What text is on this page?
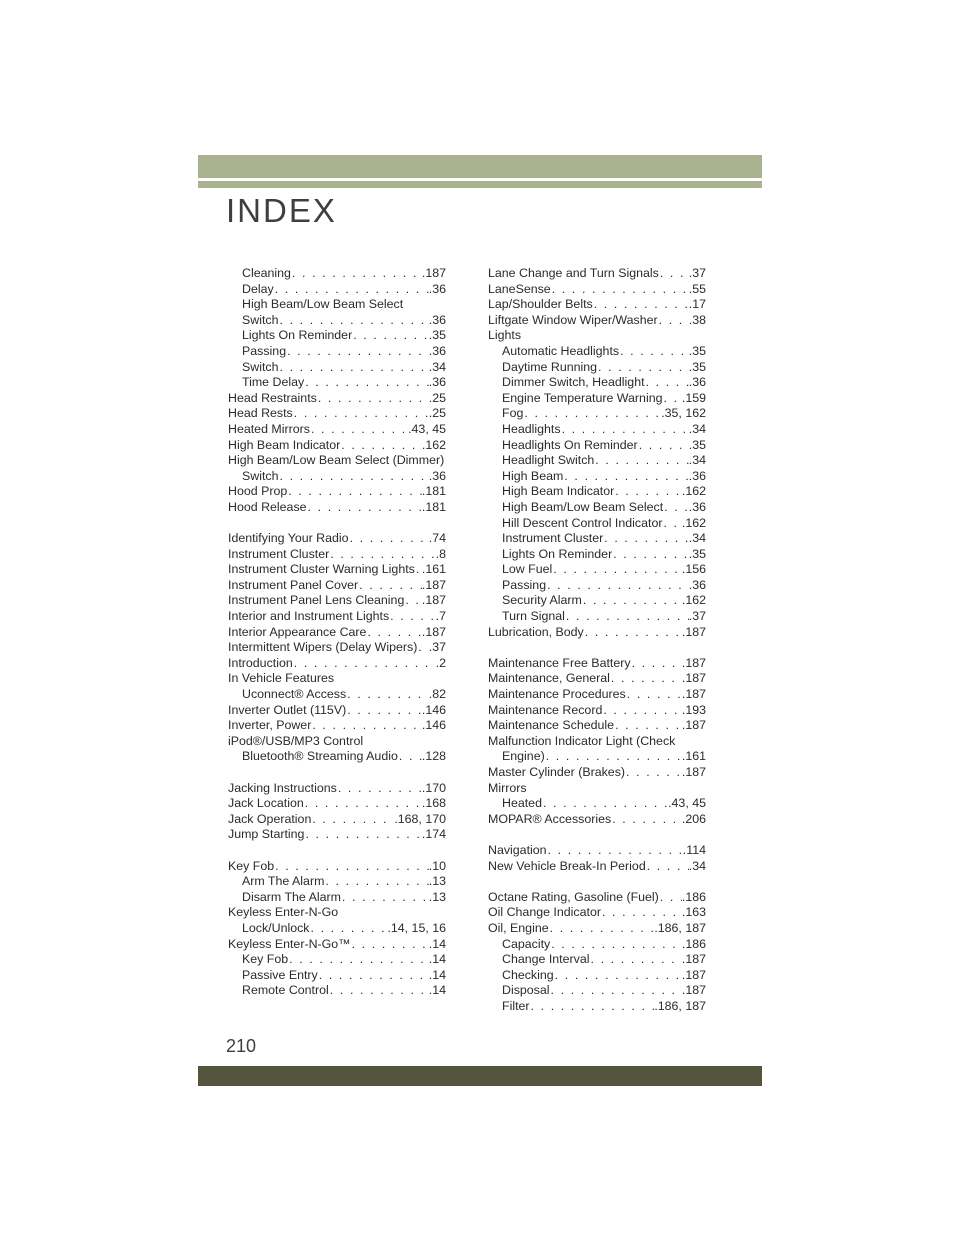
INDEX
Cleaning . . .	.187
Delay . . .	.36
High Beam/Low Beam Select
Switch . . .	.36
Lights On Reminder . . .	.35
Passing . . .	.36
Switch . . .	.34
Time Delay . . .	.36
Head Restraints . . .	.25
Head Rests . . .	.25
Heated Mirrors . . .	.43, 45
High Beam Indicator . . .	.162
High Beam/Low Beam Select (Dimmer)
Switch . . .	.36
Hood Prop . . .	.181
Hood Release . . .	.181
Identifying Your Radio . . .	.74
Instrument Cluster . . .	.8
Instrument Cluster Warning Lights . . . .161
Instrument Panel Cover . . .	.187
Instrument Panel Lens Cleaning . . . .187
Interior and Instrument Lights . . .	.7
Interior Appearance Care . . .	.187
Intermittent Wipers (Delay Wipers) . . . .37
Introduction . . .	.2
In Vehicle Features
Uconnect® Access . . .	.82
Inverter Outlet (115V) . . .	.146
Inverter, Power . . .	.146
iPod®/USB/MP3 Control
Bluetooth® Streaming Audio . . . .128
Jacking Instructions . . .	.170
Jack Location . . .	.168
Jack Operation . . .	.168, 170
Jump Starting . . .	.174
Key Fob . . .	.10
Arm The Alarm . . .	.13
Disarm The Alarm . . .	.13
Keyless Enter-N-Go
Lock/Unlock . . .	.14, 15, 16
Keyless Enter-N-Go™ . . .	.14
Key Fob . . .	.14
Passive Entry . . .	.14
Remote Control . . .	.14
Lane Change and Turn Signals . . . .37
LaneSense . . .	.55
Lap/Shoulder Belts . . .	.17
Liftgate Window Wiper/Washer . . .	.38
Lights
Automatic Headlights . . .	.35
Daytime Running . . .	.35
Dimmer Switch, Headlight . . .	.36
Engine Temperature Warning . . . .159
Fog . . .	.35, 162
Headlights . . .	.34
Headlights On Reminder . . .	.35
Headlight Switch . . .	.34
High Beam . . .	.36
High Beam Indicator . . .	.162
High Beam/Low Beam Select . . . .36
Hill Descent Control Indicator . . . .162
Instrument Cluster . . .	.34
Lights On Reminder . . .	.35
Low Fuel . . .	.156
Passing . . .	.36
Security Alarm . . .	.162
Turn Signal . . .	.37
Lubrication, Body . . .	.187
Maintenance Free Battery . . .	.187
Maintenance, General . . .	.187
Maintenance Procedures . . .	.187
Maintenance Record . . .	.193
Maintenance Schedule . . .	.187
Malfunction Indicator Light (Check
Engine) . . .	.161
Master Cylinder (Brakes) . . .	.187
Mirrors
Heated . . .	.43, 45
MOPAR® Accessories . . .	.206
Navigation . . .	.114
New Vehicle Break-In Period . . .	.34
Octane Rating, Gasoline (Fuel) . . . .186
Oil Change Indicator . . .	.163
Oil, Engine . . .	.186, 187
Capacity . . .	.186
Change Interval . . .	.187
Checking . . .	.187
Disposal . . .	.187
Filter . . .	.186, 187
210
